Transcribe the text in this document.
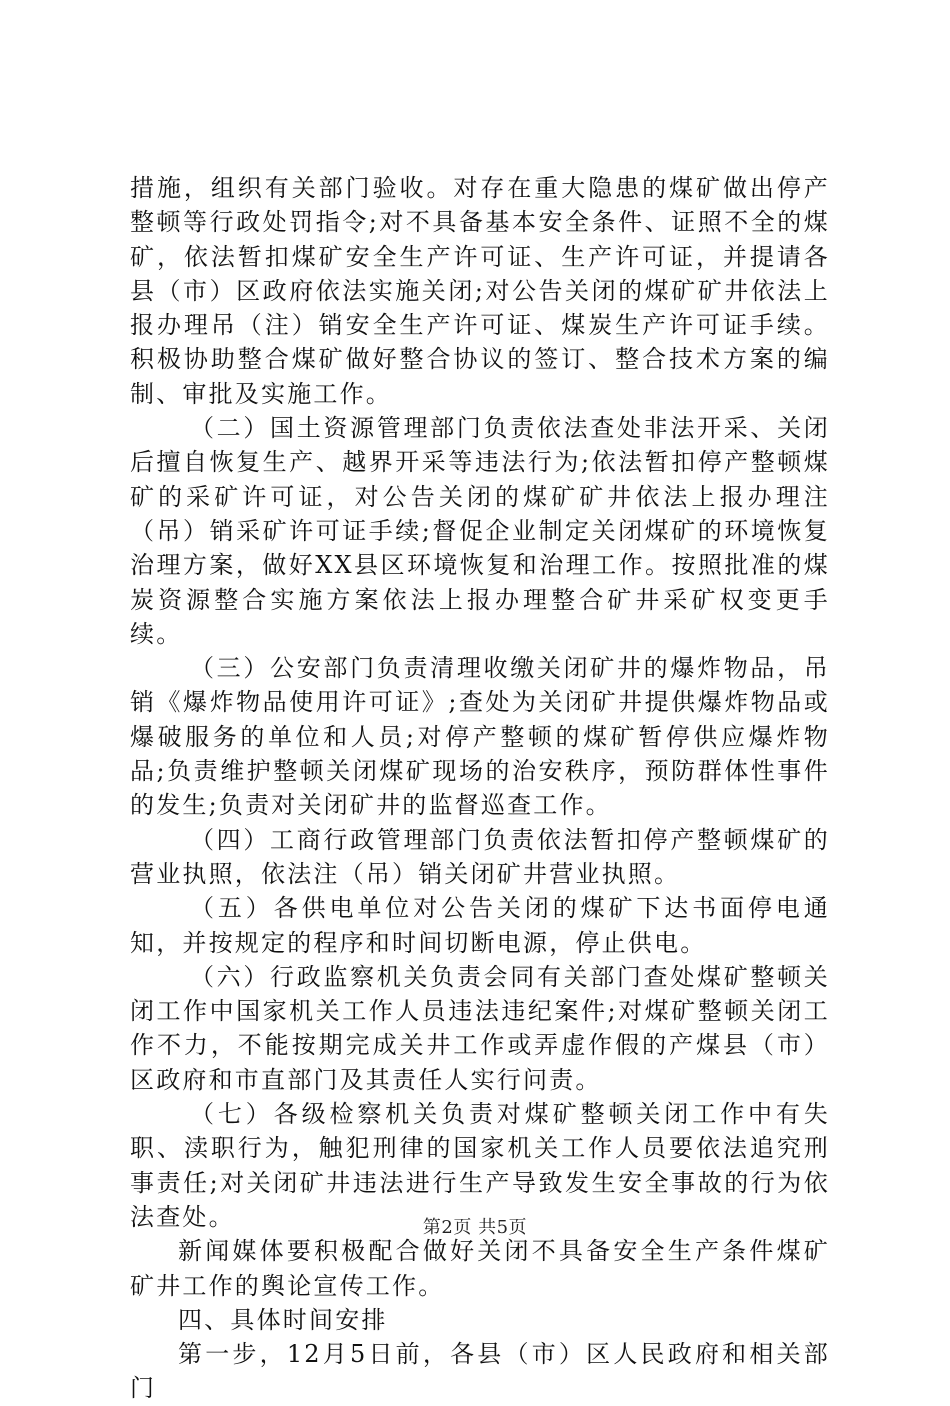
措施，组织有关部门验收。对存在重大隐患的煤矿做出停产整顿等行政处罚指令;对不具备基本安全条件、证照不全的煤矿，依法暂扣煤矿安全生产许可证、生产许可证，并提请各县（市）区政府依法实施关闭;对公告关闭的煤矿矿井依法上报办理吊（注）销安全生产许可证、煤炭生产许可证手续。积极协助整合煤矿做好整合协议的签订、整合技术方案的编制、审批及实施工作。

（二）国土资源管理部门负责依法查处非法开采、关闭后擅自恢复生产、越界开采等违法行为;依法暂扣停产整顿煤矿的采矿许可证，对公告关闭的煤矿矿井依法上报办理注（吊）销采矿许可证手续;督促企业制定关闭煤矿的环境恢复治理方案，做好XX县区环境恢复和治理工作。按照批准的煤炭资源整合实施方案依法上报办理整合矿井采矿权变更手续。

（三）公安部门负责清理收缴关闭矿井的爆炸物品，吊销《爆炸物品使用许可证》;查处为关闭矿井提供爆炸物品或爆破服务的单位和人员;对停产整顿的煤矿暂停供应爆炸物品;负责维护整顿关闭煤矿现场的治安秩序，预防群体性事件的发生;负责对关闭矿井的监督巡查工作。

（四）工商行政管理部门负责依法暂扣停产整顿煤矿的营业执照，依法注（吊）销关闭矿井营业执照。

（五）各供电单位对公告关闭的煤矿下达书面停电通知，并按规定的程序和时间切断电源，停止供电。

（六）行政监察机关负责会同有关部门查处煤矿整顿关闭工作中国家机关工作人员违法违纪案件;对煤矿整顿关闭工作不力，不能按期完成关井工作或弄虚作假的产煤县（市）区政府和市直部门及其责任人实行问责。

（七）各级检察机关负责对煤矿整顿关闭工作中有失职、渎职行为，触犯刑律的国家机关工作人员要依法追究刑事责任;对关闭矿井违法进行生产导致发生安全事故的行为依法查处。

新闻媒体要积极配合做好关闭不具备安全生产条件煤矿矿井工作的舆论宣传工作。

四、具体时间安排

第一步，12月5日前，各县（市）区人民政府和相关部门

第2页 共5页
